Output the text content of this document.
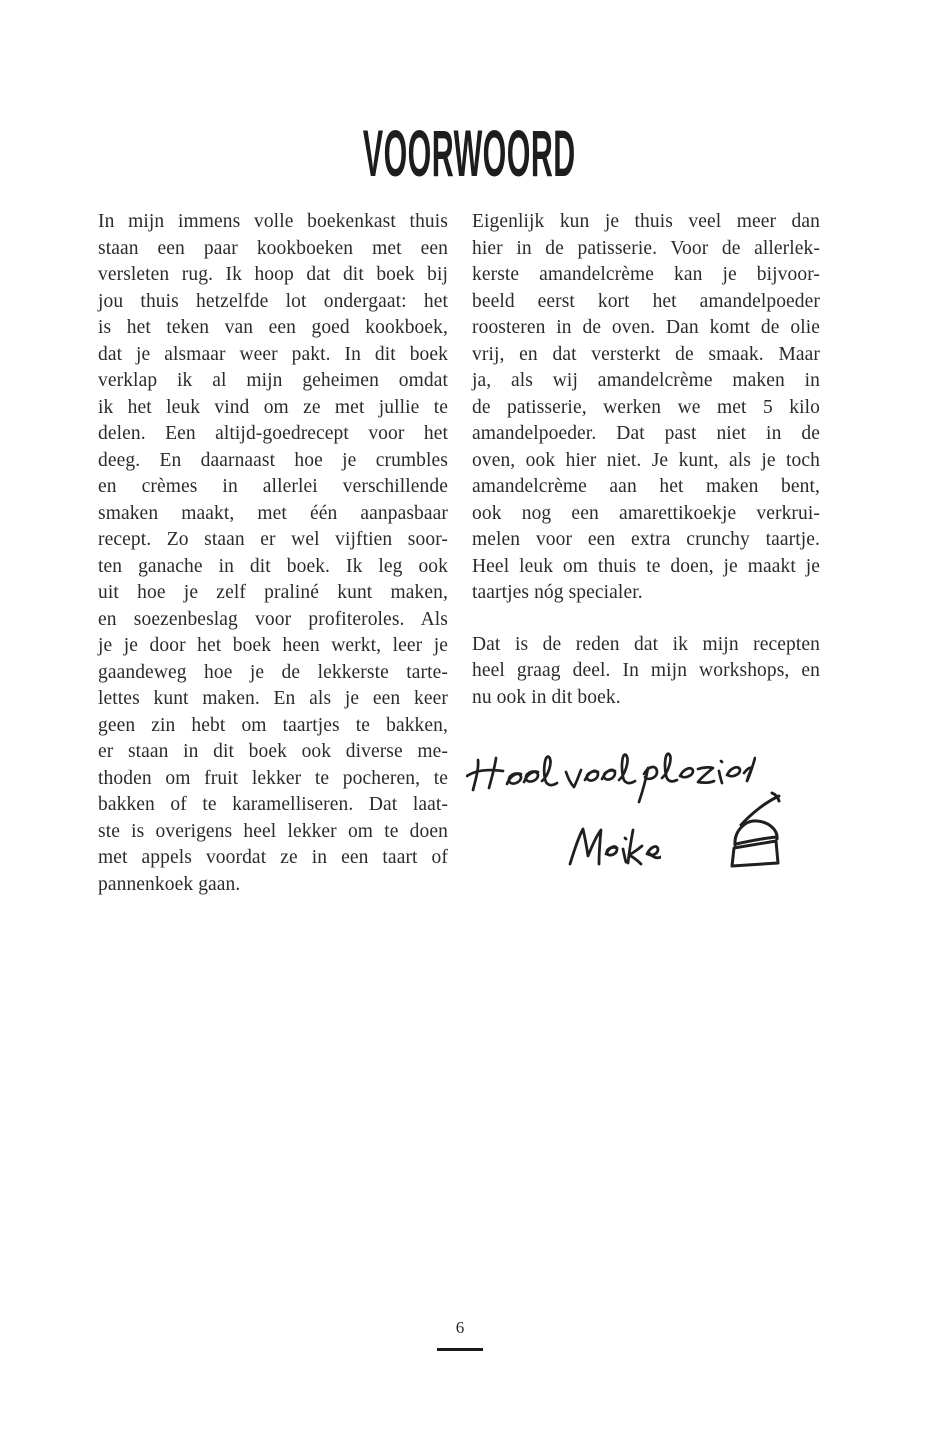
VOORWOORD
In mijn immens volle boekenkast thuis
staan een paar kookboeken met een
versleten rug. Ik hoop dat dit boek bij
jou thuis hetzelfde lot ondergaat: het
is het teken van een goed kookboek,
dat je alsmaar weer pakt. In dit boek
verklap ik al mijn geheimen omdat
ik het leuk vind om ze met jullie te
delen. Een altijd-goedrecept voor het
deeg. En daarnaast hoe je crumbles
en crèmes in allerlei verschillende
smaken maakt, met één aanpasbaar
recept. Zo staan er wel vijftien soor-
ten ganache in dit boek. Ik leg ook
uit hoe je zelf praliné kunt maken,
en soezenbeslag voor profiteroles. Als
je je door het boek heen werkt, leer je
gaandeweg hoe je de lekkerste tarte-
lettes kunt maken. En als je een keer
geen zin hebt om taartjes te bakken,
er staan in dit boek ook diverse me-
thoden om fruit lekker te pocheren, te
bakken of te karamelliseren. Dat laat-
ste is overigens heel lekker om te doen
met appels voordat ze in een taart of
pannenkoek gaan.
Eigenlijk kun je thuis veel meer dan
hier in de patisserie. Voor de allerlek-
kerste amandelcrème kan je bijvoor-
beeld eerst kort het amandelpoeder
roosteren in de oven. Dan komt de olie
vrij, en dat versterkt de smaak. Maar
ja, als wij amandelcrème maken in
de patisserie, werken we met 5 kilo
amandelpoeder. Dat past niet in de
oven, ook hier niet. Je kunt, als je toch
amandelcrème aan het maken bent,
ook nog een amarettikoekje verkrui-
melen voor een extra crunchy taartje.
Heel leuk om thuis te doen, je maakt je
taartjes nóg specialer.
Dat is de reden dat ik mijn recepten
heel graag deel. In mijn workshops, en
nu ook in dit boek.
6
